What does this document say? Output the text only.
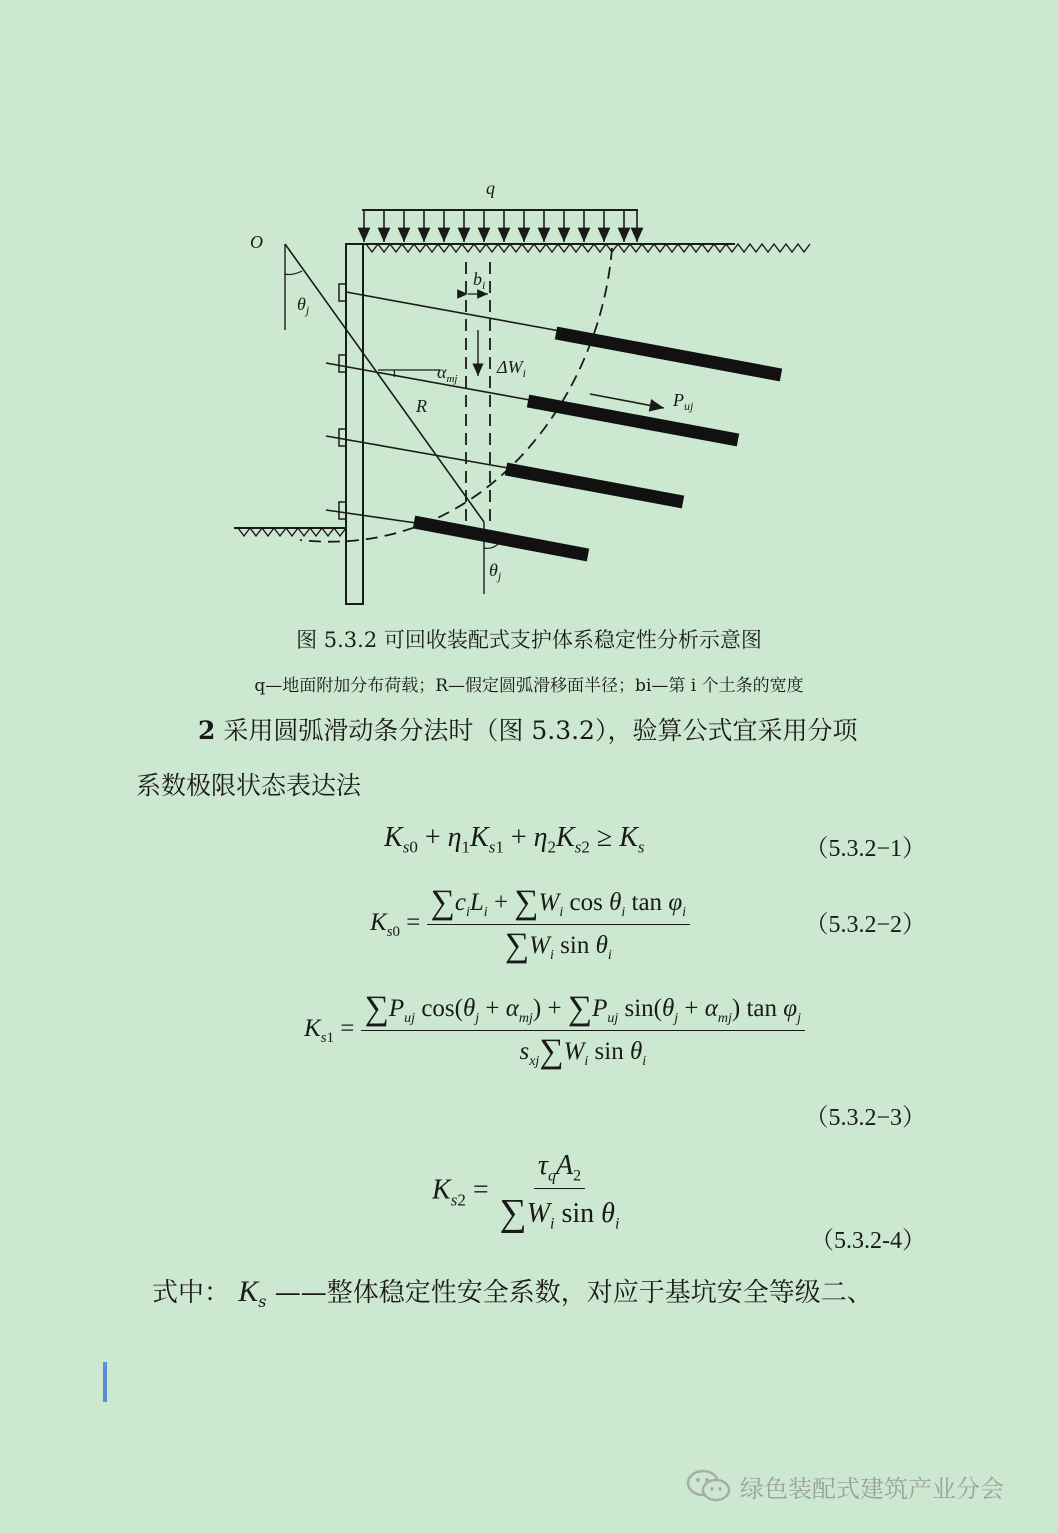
q
O
$\theta_j$
$b_i$
$\alpha_{mj}$
$\Delta W_i$
R	$P_{uj}$
$\theta_j$
图 5.3.2 可回收装配式支护体系稳定性分析示意图
q—地面附加分布荷载；R—假定圆弧滑移面半径；bi—第 i 个土条的宽度
2 采用圆弧滑动条分法时（图 5.3.2），验算公式宜采用分项
系数极限状态表达法
$K_{s0} + \eta_1K_{s1} + \eta_2K_{s2} \ge K_s$	（5.3.2−1）
$K_{s0} = \frac{\sum c_iL_i + \sum W_i \cos \theta_i \tan \varphi_i}{\sum W_i \sin \theta_i}$	（5.3.2−2）
$K_{s1} = \frac{\sum P_{uj} \cos(\theta_j + \alpha_{mj}) + \sum P_{uj} \sin(\theta_j + \alpha_{mj}) \tan \varphi_j}{s_{xj}\sum W_i \sin \theta_i}$
（5.3.2−3）
$K_{s2} = \frac{\tau_qA_2}{\sum W_i \sin \theta_i}$
（5.3.2-4）
式中： $K_s$ ——整体稳定性安全系数，对应于基坑安全等级二、
绿色装配式建筑产业分会
